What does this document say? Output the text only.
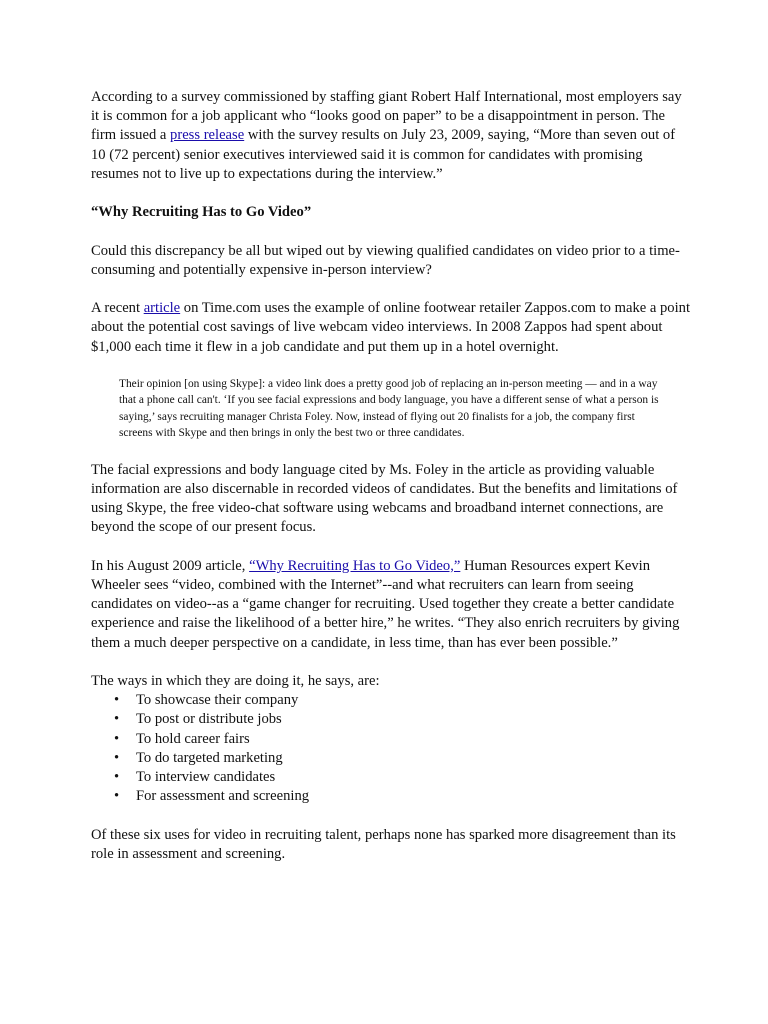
According to a survey commissioned by staffing giant Robert Half International, most employers say it is common for a job applicant who “looks good on paper” to be a disappointment in person. The firm issued a press release with the survey results on July 23, 2009, saying, “More than seven out of 10 (72 percent) senior executives interviewed said it is common for candidates with promising resumes not to live up to expectations during the interview.”

“Why Recruiting Has to Go Video”

Could this discrepancy be all but wiped out by viewing qualified candidates on video prior to a time-consuming and potentially expensive in-person interview?

A recent article on Time.com uses the example of online footwear retailer Zappos.com to make a point about the potential cost savings of live webcam video interviews. In 2008 Zappos had spent about $1,000 each time it flew in a job candidate and put them up in a hotel overnight.

Their opinion [on using Skype]: a video link does a pretty good job of replacing an in-person meeting — and in a way that a phone call can't. ‘If you see facial expressions and body language, you have a different sense of what a person is saying,’ says recruiting manager Christa Foley. Now, instead of flying out 20 finalists for a job, the company first screens with Skype and then brings in only the best two or three candidates.

The facial expressions and body language cited by Ms. Foley in the article as providing valuable information are also discernable in recorded videos of candidates. But the benefits and limitations of using Skype, the free video-chat software using webcams and broadband internet connections, are beyond the scope of our present focus.

In his August 2009 article, “Why Recruiting Has to Go Video,” Human Resources expert Kevin Wheeler sees “video, combined with the Internet”--and what recruiters can learn from seeing candidates on video--as a “game changer for recruiting. Used together they create a better candidate experience and raise the likelihood of a better hire,” he writes. “They also enrich recruiters by giving them a much deeper perspective on a candidate, in less time, than has ever been possible.”

The ways in which they are doing it, he says, are:

• To showcase their company
• To post or distribute jobs
• To hold career fairs
• To do targeted marketing
• To interview candidates
• For assessment and screening

Of these six uses for video in recruiting talent, perhaps none has sparked more disagreement than its role in assessment and screening.
